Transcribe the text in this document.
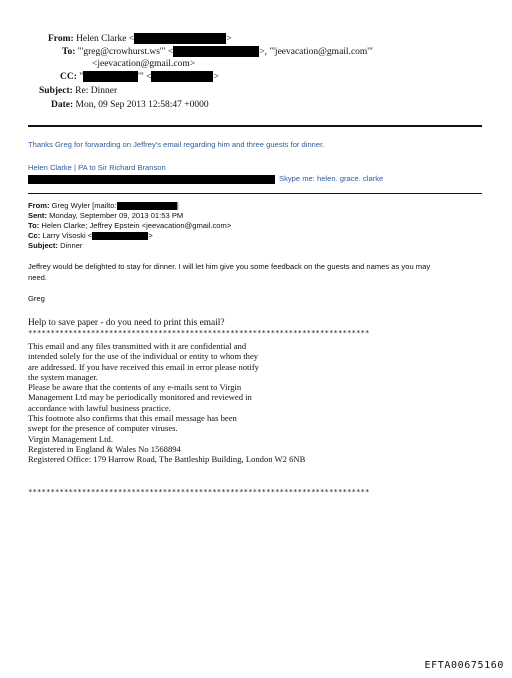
From: Helen Clarke <	>
To: "'greg@crowhurst.ws'" <	>, "'jeevacation@gmail.com'"
<jeevacation@gmail.com>
CC: "	'" <	>
Subject: Re: Dinner
Date: Mon, 09 Sep 2013 12:58:47 +0000
Thanks Greg for forwarding on Jeffrey's email regarding him and three guests for dinner.
Helen Clarke | PA to Sir Richard Branson
Skype me: helen. grace. clarke
From: Greg Wyler [mailto:	]
Sent: Monday, September 09, 2013 01:53 PM
To: Helen Clarke; Jeffrey Epstein <jeevacation@gmail.com>
Cc: Larry Visoski <	>
Subject: Dinner
Jeffrey would be delighted to stay for dinner. I will let him give you some feedback on the guests and names as you may
need.
Greg
Help to save paper - do you need to print this email?
****************************************************************************
This email and any files transmitted with it are confidential and
intended solely for the use of the individual or entity to whom they
are addressed. If you have received this email in error please notify
the system manager.
Please be aware that the contents of any e-mails sent to Virgin
Management Ltd may be periodically monitored and reviewed in
accordance with lawful business practice.
This footnote also confirms that this email message has been
swept for the presence of computer viruses.
Virgin Management Ltd.
Registered in England & Wales No 1568894
Registered Office: 179 Harrow Road, The Battleship Building, London W2 6NB
****************************************************************************
EFTA00675160
